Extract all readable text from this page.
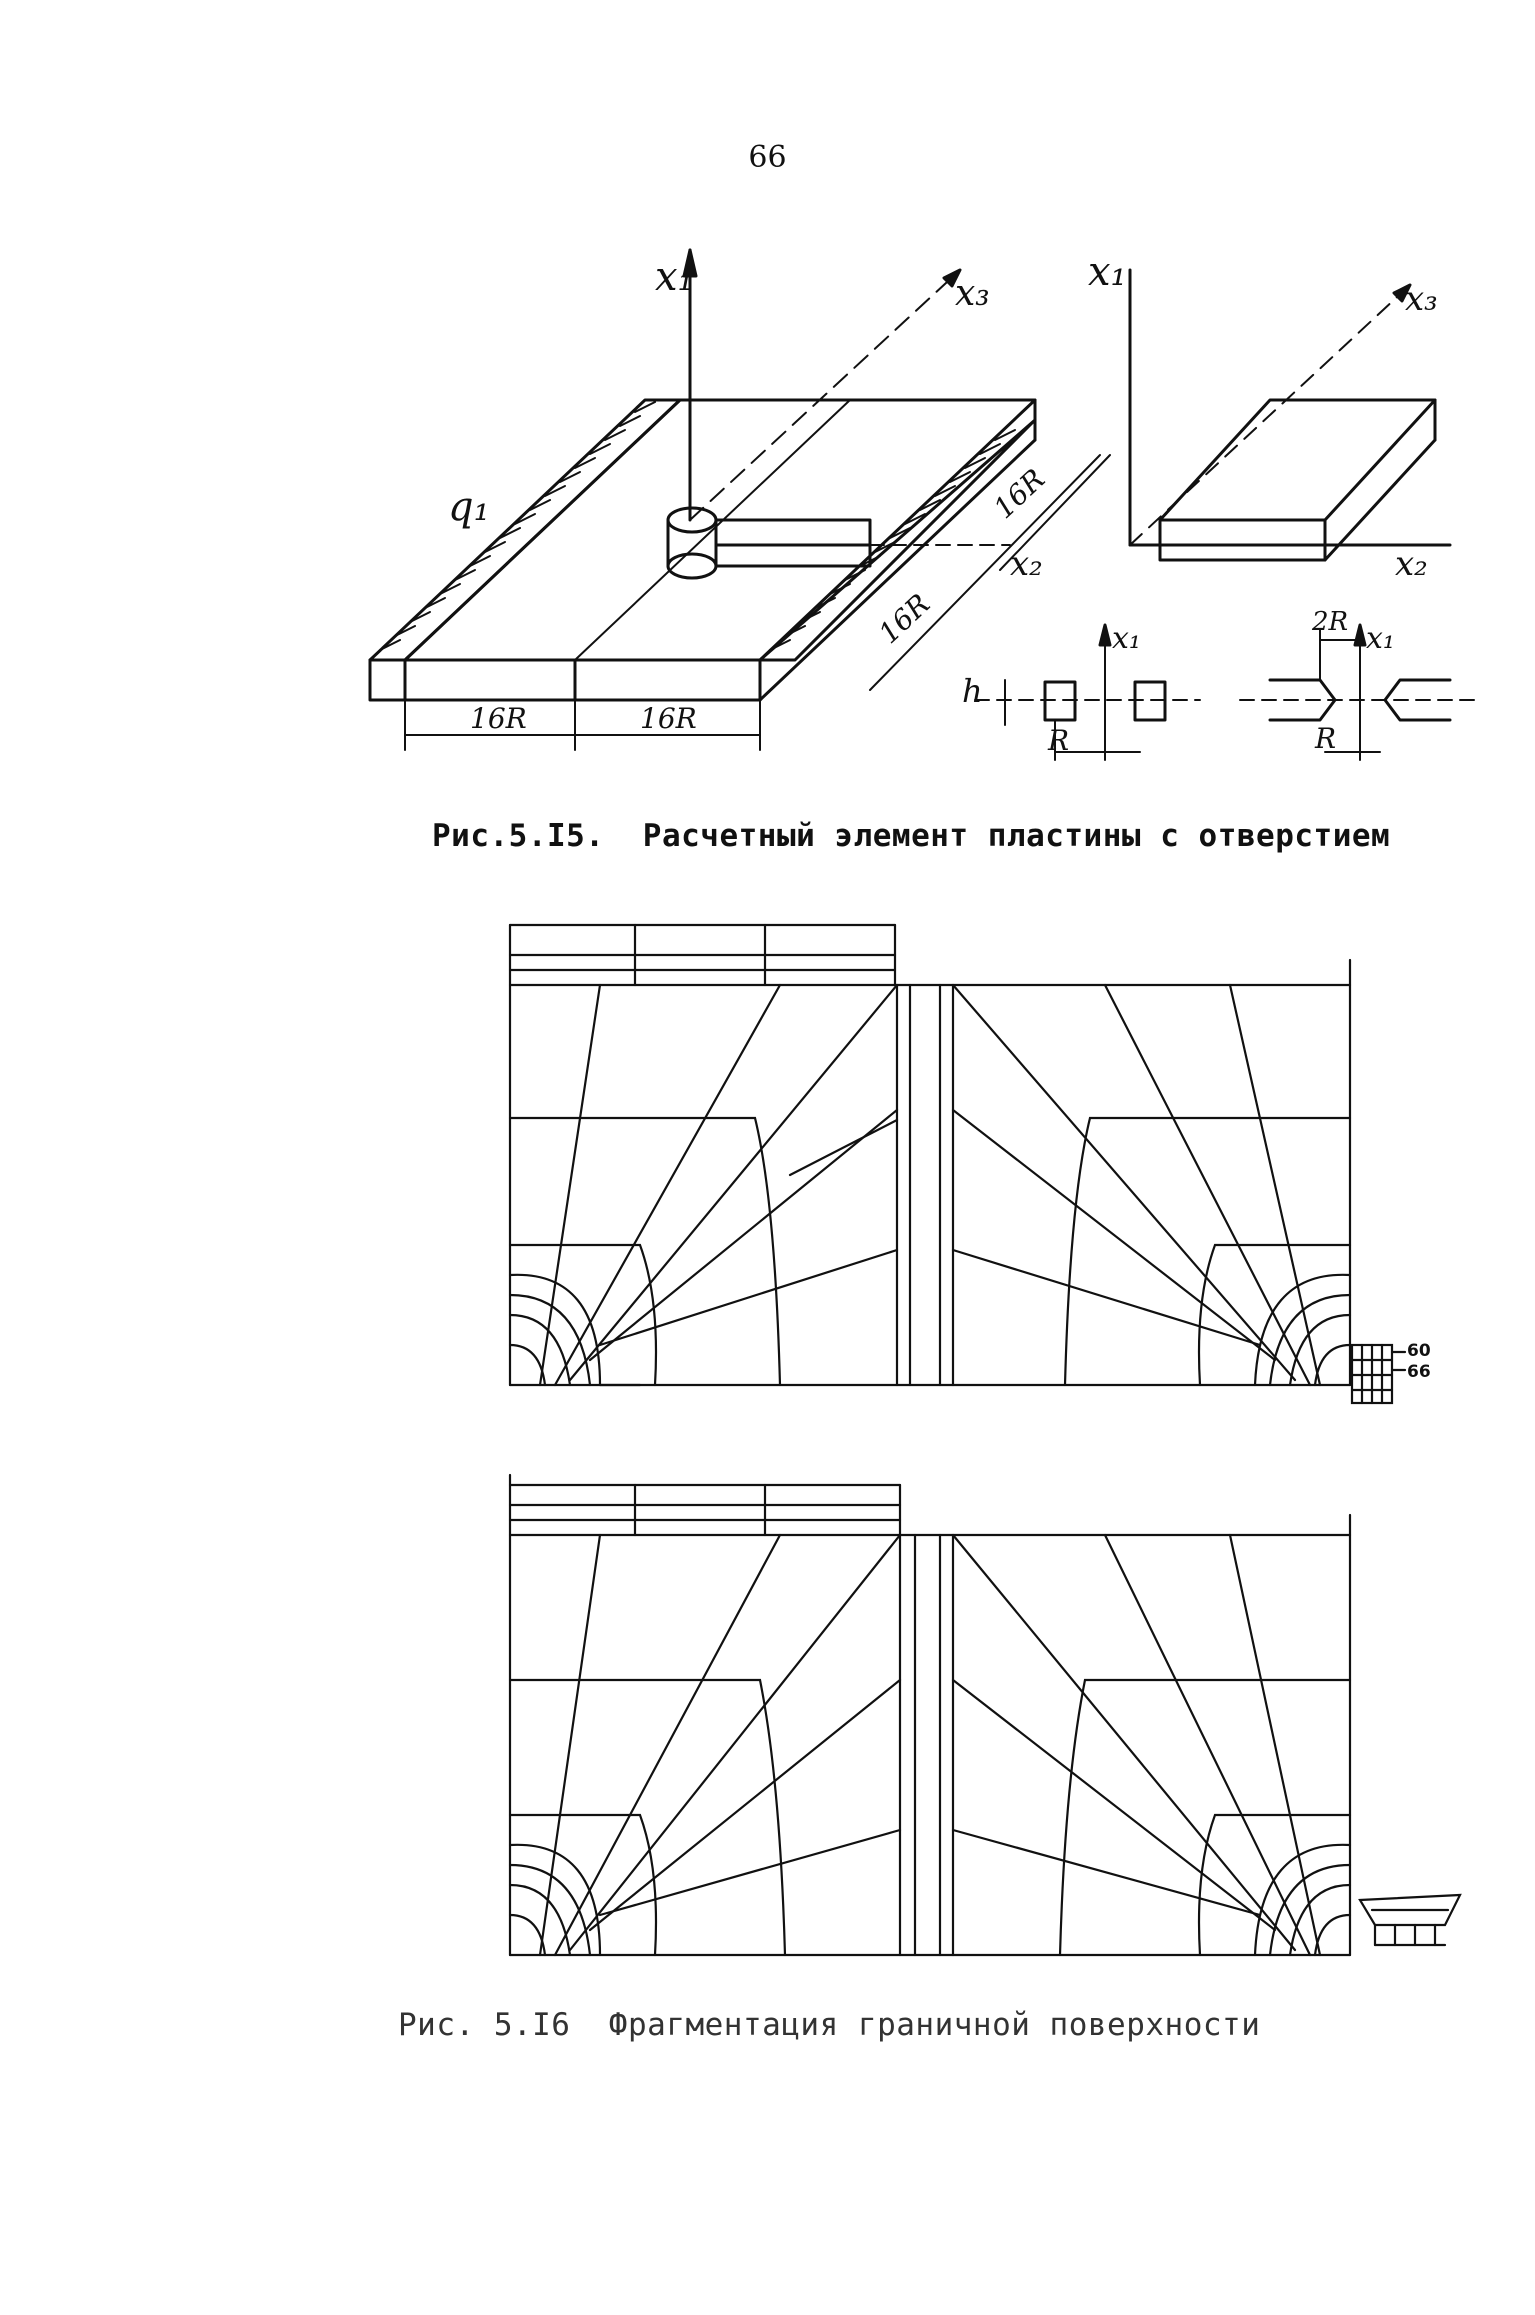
66
x₁	x₃
x₂
q₁
16R	16R
16R
16R
x₁
x₃
x₂
x₁
h
R
2R x₁
R
Рис.5.I5.  Расчетный элемент пластины с отверстием
60
66
Рис. 5.I6  Фрагментация граничной поверхности
